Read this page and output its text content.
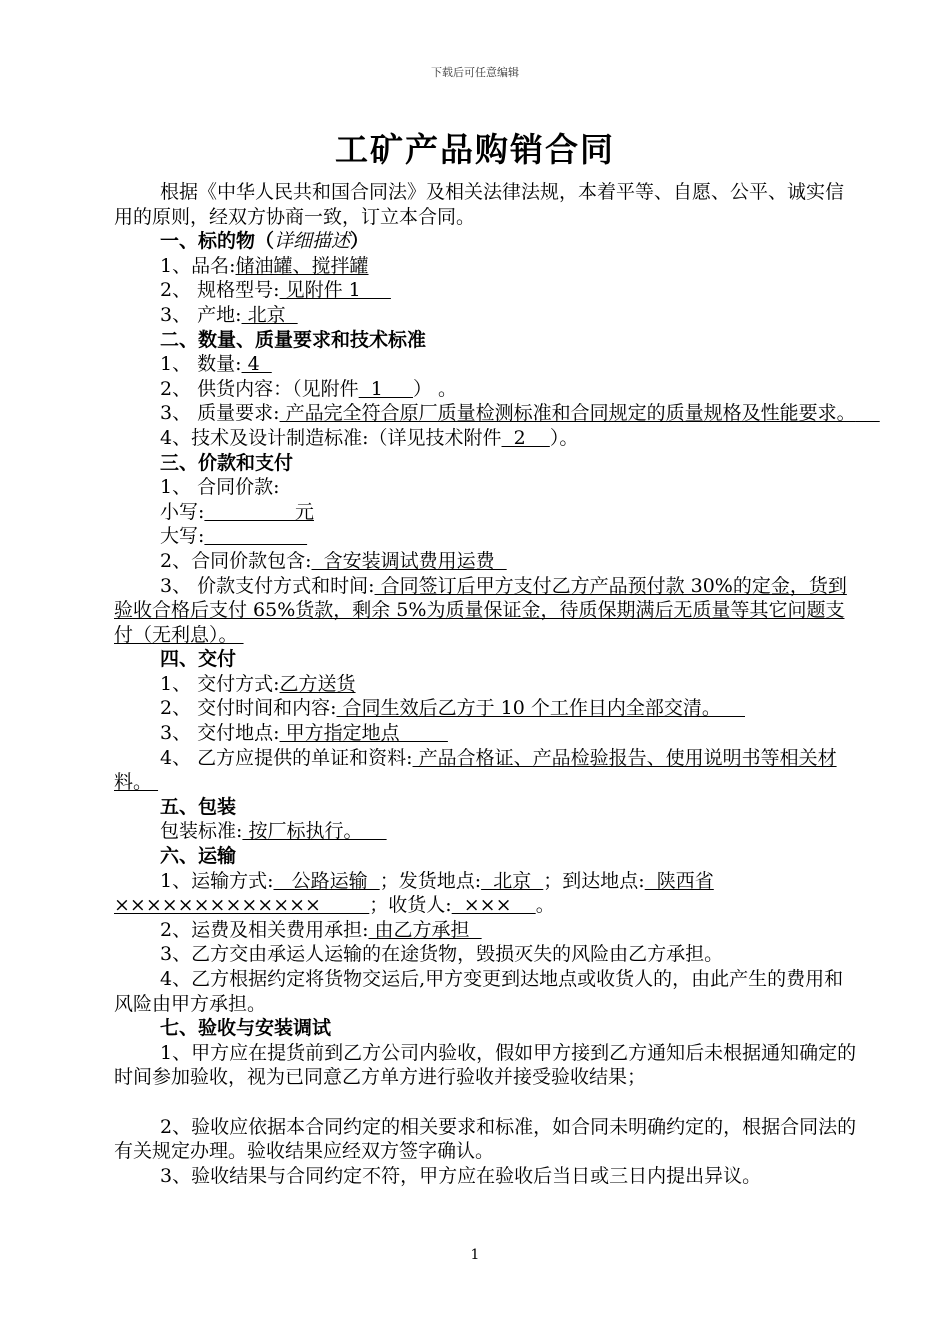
下载后可任意编辑
工矿产品购销合同

根据《中华人民共和国合同法》及相关法律法规，本着平等、自愿、公平、诚实信用的原则，经双方协商一致，订立本合同。

一、标的物（详细描述）

1、品名:储油罐、搅拌罐

2、 规格型号: 见附件 1

3、 产地: 北京

二、数量、质量要求和技术标准

1、 数量: 4

2、 供货内容：（见附件  1     ） 。

3、 质量要求: 产品完全符合原厂质量检测标准和合同规定的质量规格及性能要求。

4、技术及设计制造标准:（详见技术附件  2    ）。

三、价款和支付

1、 合同价款:

小写:               元

大写:

2、合同价款包含:  含安装调试费用运费

3、 价款支付方式和时间: 合同签订后甲方支付乙方产品预付款 30%的定金，货到验收合格后支付 65%货款，剩余 5%为质量保证金，待质保期满后无质量等其它问题支付（无利息）。

四、交付

1、 交付方式:乙方送货

2、 交付时间和内容: 合同生效后乙方于 10 个工作日内全部交清。

3、 交付地点: 甲方指定地点

4、 乙方应提供的单证和资料: 产品合格证、产品检验报告、使用说明书等相关材料。

五、包装

包装标准: 按厂标执行。

六、运输

1、运输方式:   公路运输  ；发货地点:  北京  ；到达地点:  陕西省×××××××××××××        ；收货人:  ×××    。

2、运费及相关费用承担: 由乙方承担

3、乙方交由承运人运输的在途货物，毁损灭失的风险由乙方承担。

4、乙方根据约定将货物交运后,甲方变更到达地点或收货人的，由此产生的费用和风险由甲方承担。

七、验收与安装调试

1、甲方应在提货前到乙方公司内验收，假如甲方接到乙方通知后未根据通知确定的时间参加验收，视为已同意乙方单方进行验收并接受验收结果；

2、验收应依据本合同约定的相关要求和标准，如合同未明确约定的，根据合同法的有关规定办理。验收结果应经双方签字确认。

3、验收结果与合同约定不符，甲方应在验收后当日或三日内提出异议。

1
